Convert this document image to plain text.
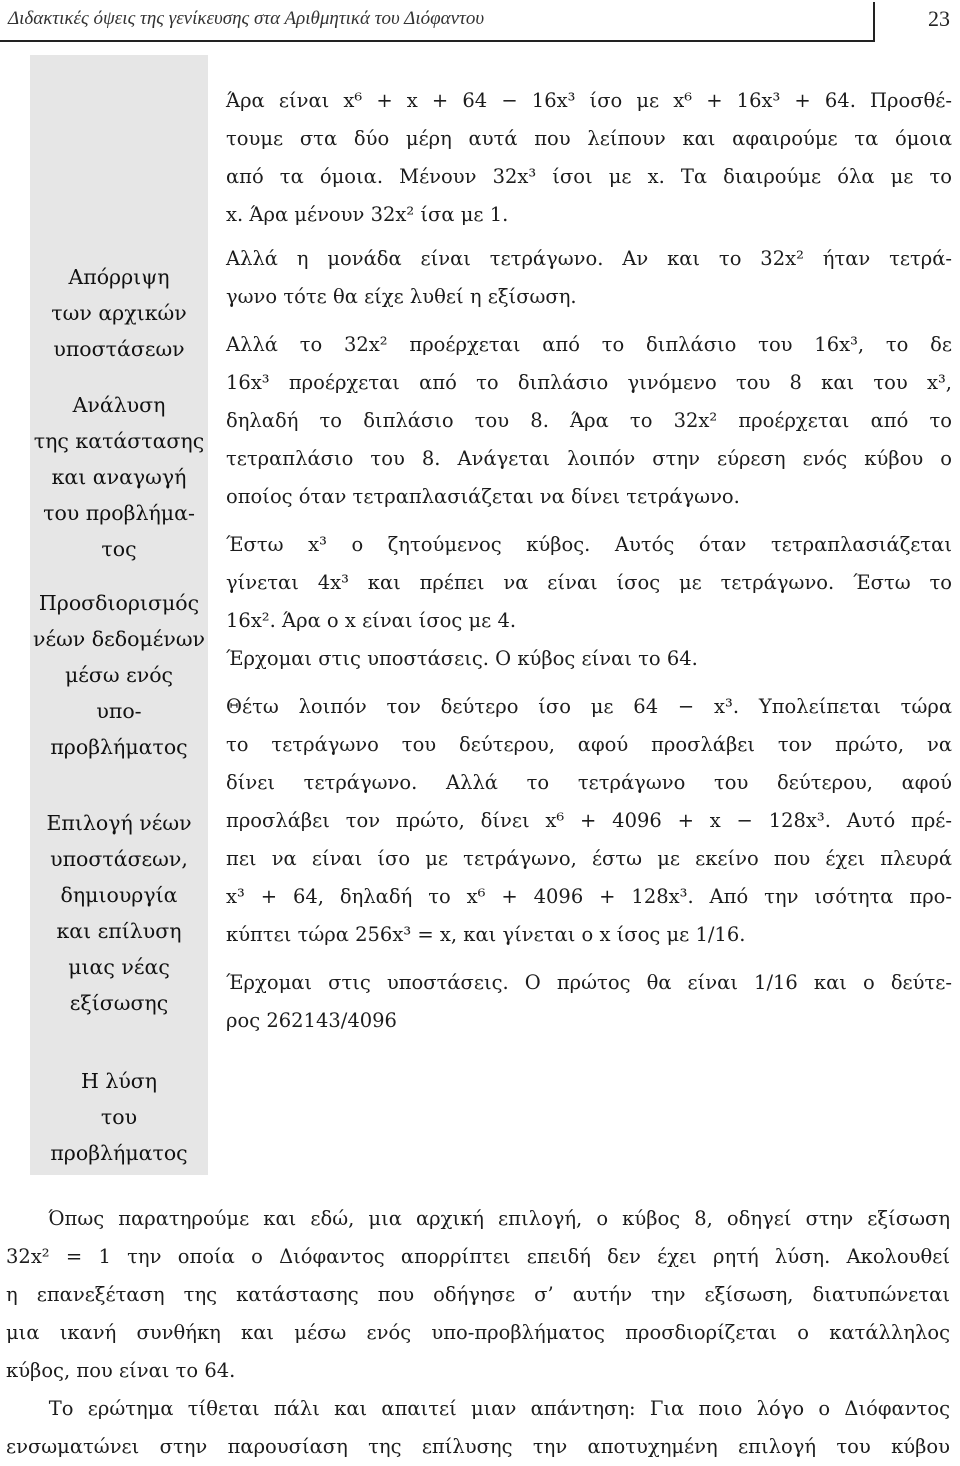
Διδακτικές όψεις της γενίκευσης στα Αριθμητικά του Διόφαντου	23
Απόρριψη
των αρχικών
υποστάσεων
Ανάλυση
της κατάστασης
και αναγωγή
του προβλήμα-
τος
Προσδιορισμός
νέων δεδομένων
μέσω ενός
υπο-
προβλήματος
Επιλογή νέων
υποστάσεων,
δημιουργία
και επίλυση
μιας νέας
εξίσωσης
Η λύση
του
προβλήματος
Άρα είναι x⁶ + x + 64 − 16x³ ίσο με x⁶ + 16x³ + 64. Προσθέ-
τουμε στα δύο μέρη αυτά που λείπουν και αφαιρούμε τα όμοια
από τα όμοια. Μένουν 32x³ ίσοι με x. Τα διαιρούμε όλα με το
x. Άρα μένουν 32x² ίσα με 1.
Αλλά η μονάδα είναι τετράγωνο. Αν και το 32x² ήταν τετρά-
γωνο τότε θα είχε λυθεί η εξίσωση.
Αλλά το 32x² προέρχεται από το διπλάσιο του 16x³, το δε
16x³ προέρχεται από το διπλάσιο γινόμενο του 8 και του x³,
δηλαδή το διπλάσιο του 8. Άρα το 32x² προέρχεται από το
τετραπλάσιο του 8. Ανάγεται λοιπόν στην εύρεση ενός κύβου ο
οποίος όταν τετραπλασιάζεται να δίνει τετράγωνο.
Έστω x³ ο ζητούμενος κύβος. Αυτός όταν τετραπλασιάζεται
γίνεται 4x³ και πρέπει να είναι ίσος με τετράγωνο. Έστω το
16x². Άρα ο x είναι ίσος με 4.
Έρχομαι στις υποστάσεις. Ο κύβος είναι το 64.
Θέτω λοιπόν τον δεύτερο ίσο με 64 − x³. Υπολείπεται τώρα
το τετράγωνο του δεύτερου, αφού προσλάβει τον πρώτο, να
δίνει τετράγωνο. Αλλά το τετράγωνο του δεύτερου, αφού
προσλάβει τον πρώτο, δίνει x⁶ + 4096 + x − 128x³. Αυτό πρέ-
πει να είναι ίσο με τετράγωνο, έστω με εκείνο που έχει πλευρά
x³ + 64, δηλαδή το x⁶ + 4096 + 128x³. Από την ισότητα προ-
κύπτει τώρα 256x³ = x, και γίνεται ο x ίσος με 1/16.
Έρχομαι στις υποστάσεις. Ο πρώτος θα είναι 1/16 και ο δεύτε-
ρος 262143/4096
Όπως παρατηρούμε και εδώ, μια αρχική επιλογή, ο κύβος 8, οδηγεί στην εξίσωση
32x² = 1 την οποία ο Διόφαντος απορρίπτει επειδή δεν έχει ρητή λύση. Ακολουθεί
η επανεξέταση της κατάστασης που οδήγησε σ’ αυτήν την εξίσωση, διατυπώνεται
μια ικανή συνθήκη και μέσω ενός υπο-προβλήματος προσδιορίζεται ο κατάλληλος
κύβος, που είναι το 64.
Το ερώτημα τίθεται πάλι και απαιτεί μιαν απάντηση: Για ποιο λόγο ο Διόφαντος
ενσωματώνει στην παρουσίαση της επίλυσης την αποτυχημένη επιλογή του κύβου
